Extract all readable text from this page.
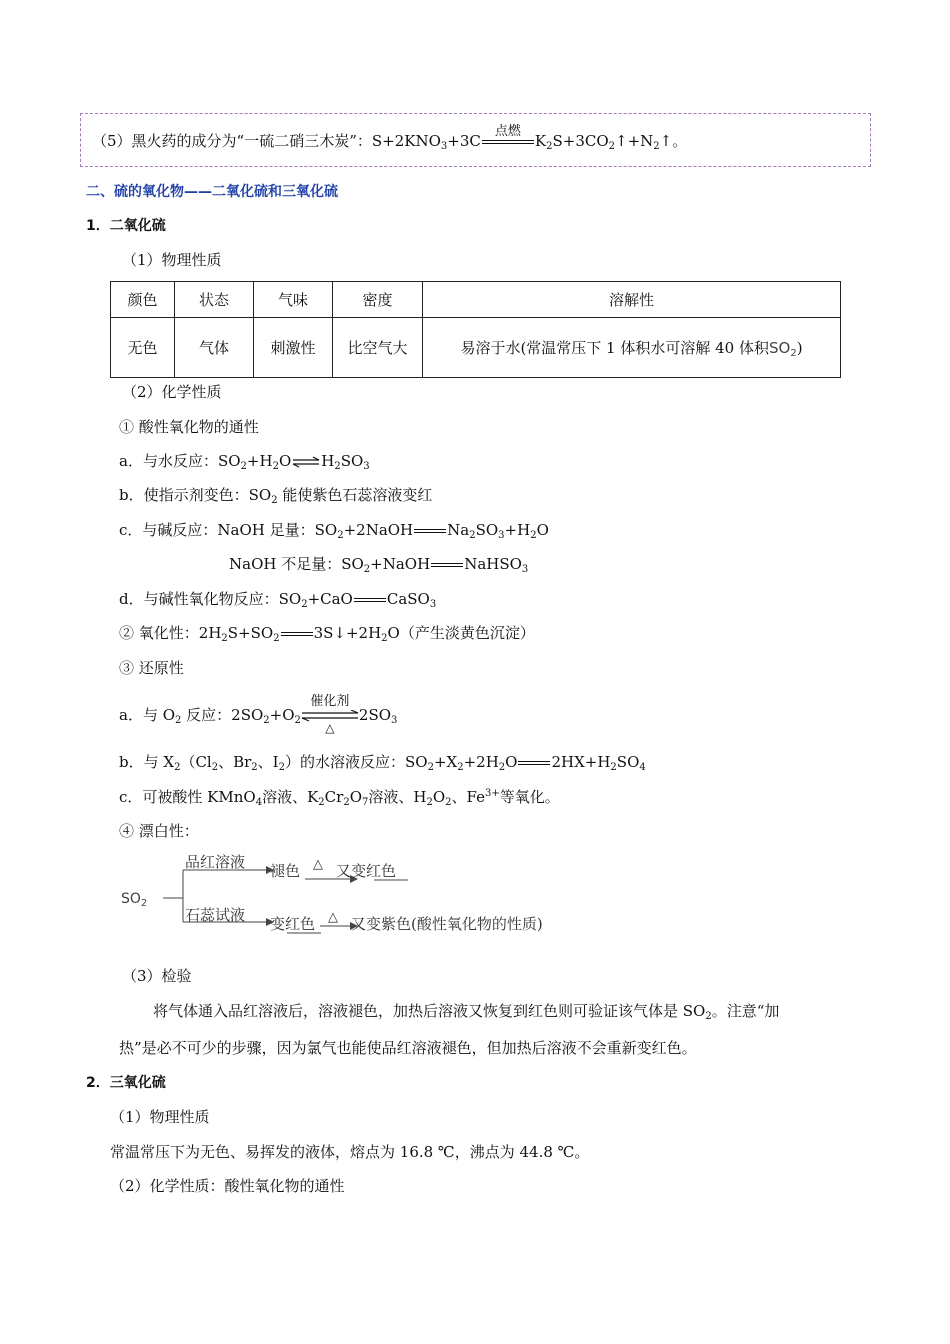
（5）黑火药的成分为“一硫二硝三木炭”：$S+2KNO_3+3C$
点燃
$K_2S+3CO_2↑+N_2↑$。
二、硫的氧化物——二氧化硫和三氧化硫
1．二氧化硫
（1）物理性质
颜色	状态	气味	密度	溶解性
无色	气体	刺激性	比空气大	易溶于水(常温常压下 1 体积水可溶解 40 体积$SO_2$)
（2）化学性质
① 酸性氧化物的通性
a．与水反应：$SO_2+H_2O\rightleftharpoons H_2SO_3$
b．使指示剂变色：$SO_2$ 能使紫色石蕊溶液变红
c．与碱反应：NaOH 足量：$SO_2+2NaOH$ $Na_2SO_3+H_2O$
NaOH 不足量：$SO_2+NaOH$ NaHSO$_3$
d．与碱性氧化物反应：$SO_2+CaO$ CaSO$_3$
② 氧化性：$2H_2S+SO_2$ $3S↓+2H_2O$（产生淡黄色沉淀）
③ 还原性
a．与 $O_2$ 反应：$2SO_2+O_2$
催化剂
△
$2SO_3$
b．与 $X_2(Cl_2$、$Br_2$、$I_2$）的水溶液反应：$SO_2+X_2+2H_2O$ $2HX+H_2SO_4$
c．可被酸性 KMnO$_4$溶液、$K_2Cr_2O_7$溶液、$H_2O_2$、$Fe^{3+}$等氧化。
④ 漂白性：
$SO_2$
品红溶液 褪色 △ 又变红色
石蕊试液 变红色 △ 又变紫色(酸性氧化物的性质)
（3）检验
将气体通入品红溶液后，溶液褪色，加热后溶液又恢复到红色则可验证该气体是 $SO_2$。注意“加
热”是必不可少的步骤，因为氯气也能使品红溶液褪色，但加热后溶液不会重新变红色。
2．三氧化硫
（1）物理性质
常温常压下为无色、易挥发的液体，熔点为 16.8 ℃，沸点为 44.8 ℃。
（2）化学性质：酸性氧化物的通性
